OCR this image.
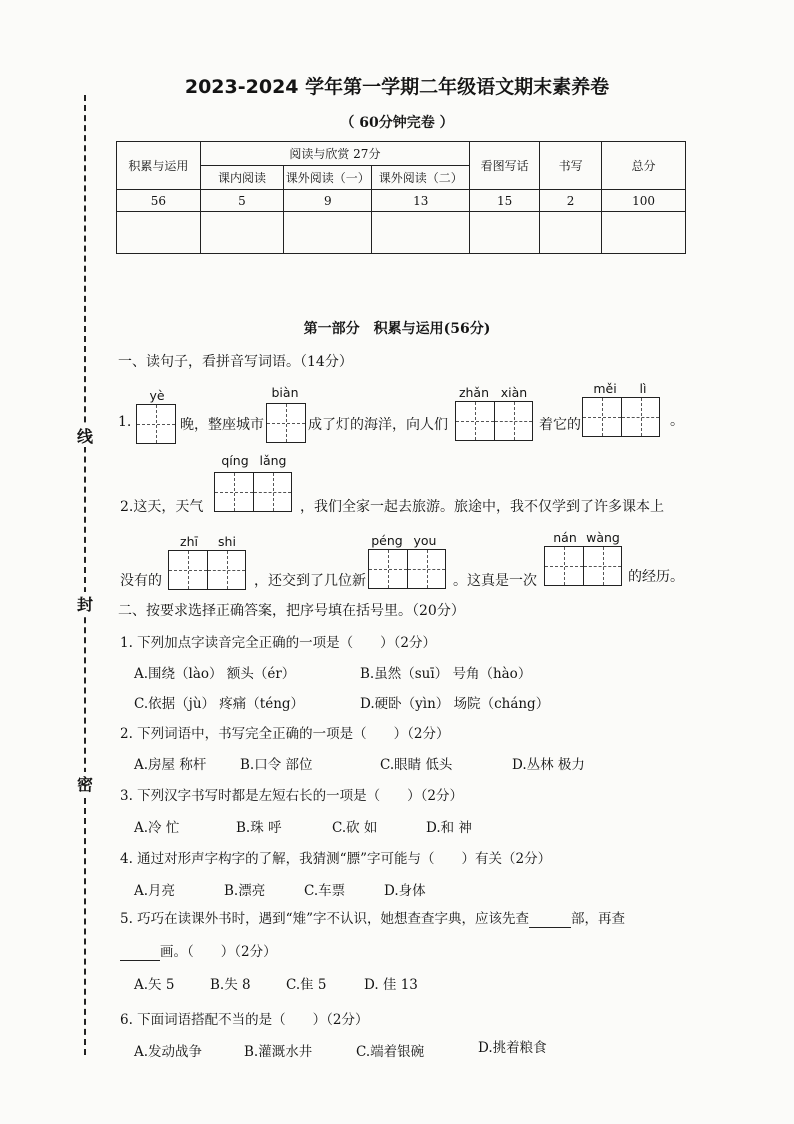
线
封
密
2023-2024 学年第一学期二年级语文期末素养卷
（ 60分钟完卷 ）
积累与运用	阅读与欣赏 27分			看图写话	书写	总分
	课内阅读	课外阅读（一）	课外阅读（二）			
56	5	9	13	15	2	100

第一部分　积累与运用(56分)
一、读句子，看拼音写词语。（14分）
yè	biàn	zhǎn xiàn	měi	lì
1.	晚，整座城市	成了灯的海洋，向人们	着它的	。
qíng lǎng
2.这天，天气	，我们全家一起去旅游。旅途中，我不仅学到了许多课本上
zhī	shi	péng you	nán wàng
没有的	，还交到了几位新	。这真是一次	的经历。
二、按要求选择正确答案，把序号填在括号里。（20分）
1. 下列加点字读音完全正确的一项是（　　）（2分）
A.围绕（lào） 额头（ér）	B.虽然（suī） 号角（hào）
C.依据（jù） 疼痛（téng）	D.硬卧（yìn） 场院（cháng）
2. 下列词语中，书写完全正确的一项是（　　）（2分）
A.房屋 称杆 B.口令 部位	C.眼睛 低头	D.丛林 极力
3. 下列汉字书写时都是左短右长的一项是（　　）（2分）
A.冷 忙	B.珠 呼	C.砍 如	D.和 神
4. 通过对形声字构字的了解，我猜测“膘”字可能与（　　）有关（2分）
A.月亮	B.漂亮	C.车票	D.身体
5. 巧巧在读课外书时，遇到“雉”字不认识，她想查查字典，应该先查	部，再查
画。（　　）（2分）
A.矢 5	B.失 8	C.隹 5	D. 佳 13
6. 下面词语搭配不当的是（　　）（2分）
A.发动战争	B.灌溉水井	C.端着银碗	D.挑着粮食
